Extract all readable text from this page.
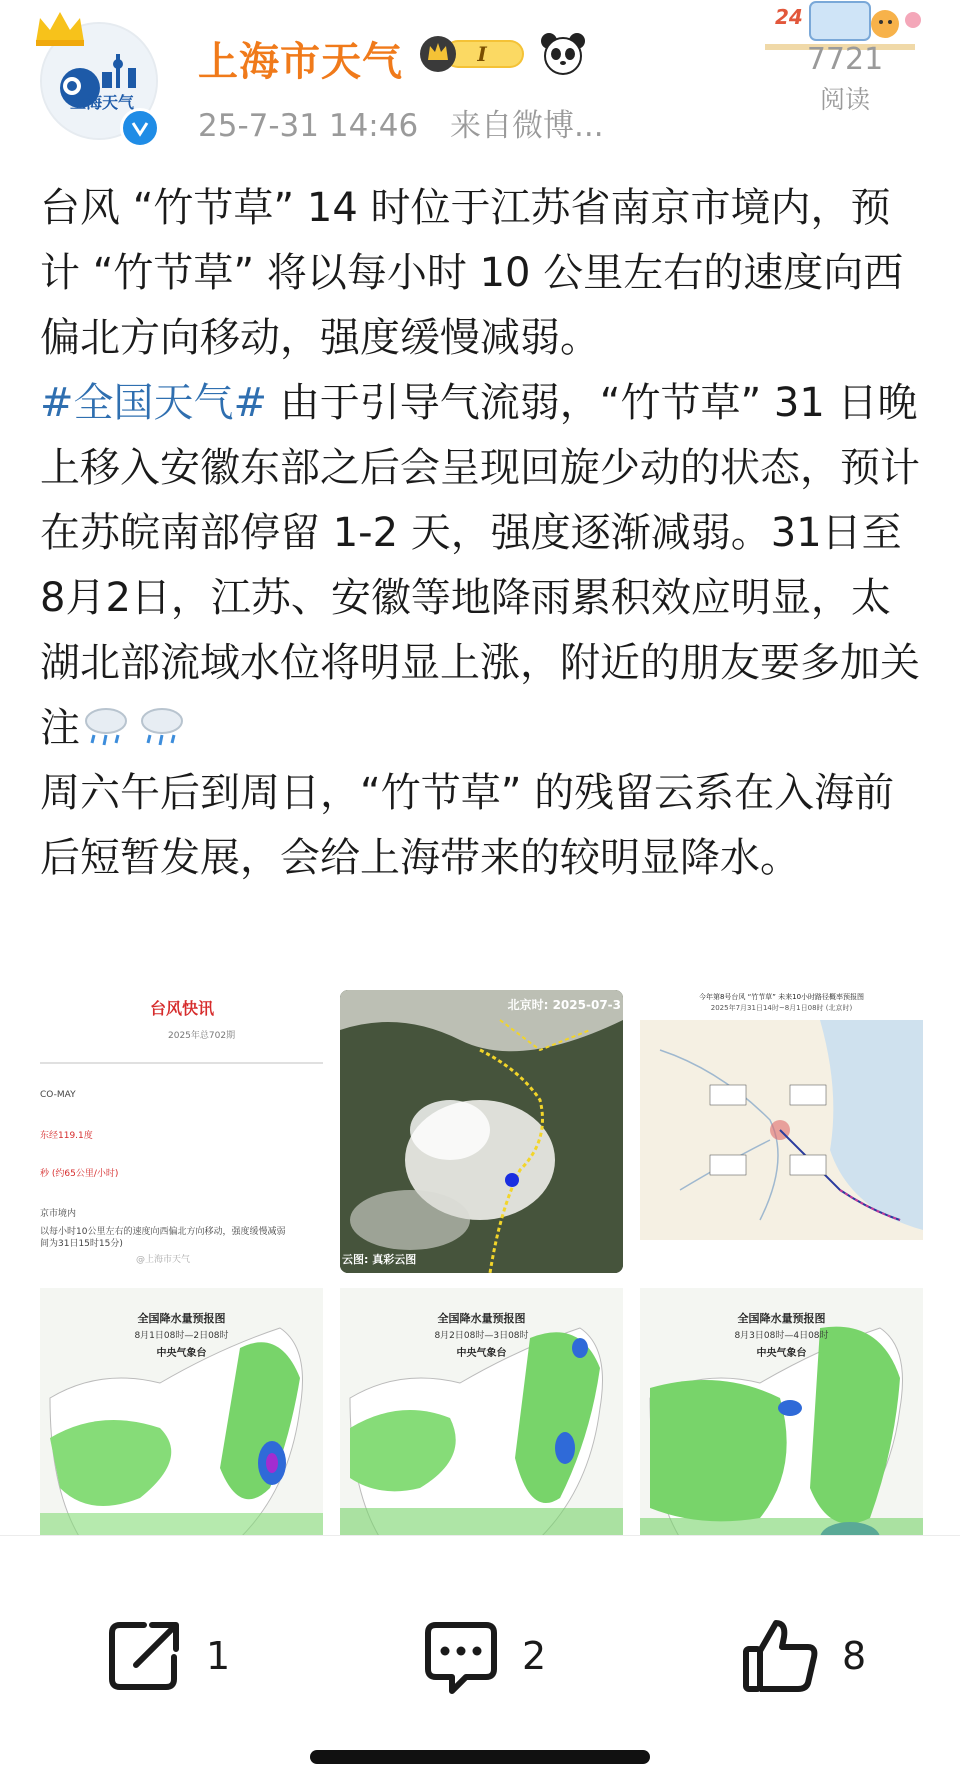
上海天气
上海市天气	I
25-7-31 14:46 来自微博...
24
7721
阅读

台风 “竹节草” 14 时位于江苏省南京市境内，预计 “竹节草” 将以每小时 10 公里左右的速度向西偏北方向移动，强度缓慢减弱。

#全国天气# 由于引导气流弱，“竹节草” 31 日晚上移入安徽东部之后会呈现回旋少动的状态，预计在苏皖南部停留 1-2 天，强度逐渐减弱。31日至 8月2日，江苏、安徽等地降雨累积效应明显，太湖北部流域水位将明显上涨，附近的朋友要多加关注

周六午后到周日，“竹节草” 的残留云系在入海前后短暂发展，会给上海带来的较明显降水。

台风快讯
2025年总702期
CO-MAY
东经119.1度
秒 (约65公里/小时)
京市境内
以每小时10公里左右的速度向西偏北方向移动，强度缓慢减弱
间为31日15时15分)
@上海市天气
北京时: 2025-07-3
云图: 真彩云图
今年第8号台风 “竹节草” 未来10小时路径概率预报图
2025年7月31日14时~8月1日08时 (北京时)
全国降水量预报图
8月1日08时—2日08时
中央气象台
全国降水量预报图
8月2日08时—3日08时
中央气象台
全国降水量预报图
8月3日08时—4日08时
中央气象台
1	2	8
